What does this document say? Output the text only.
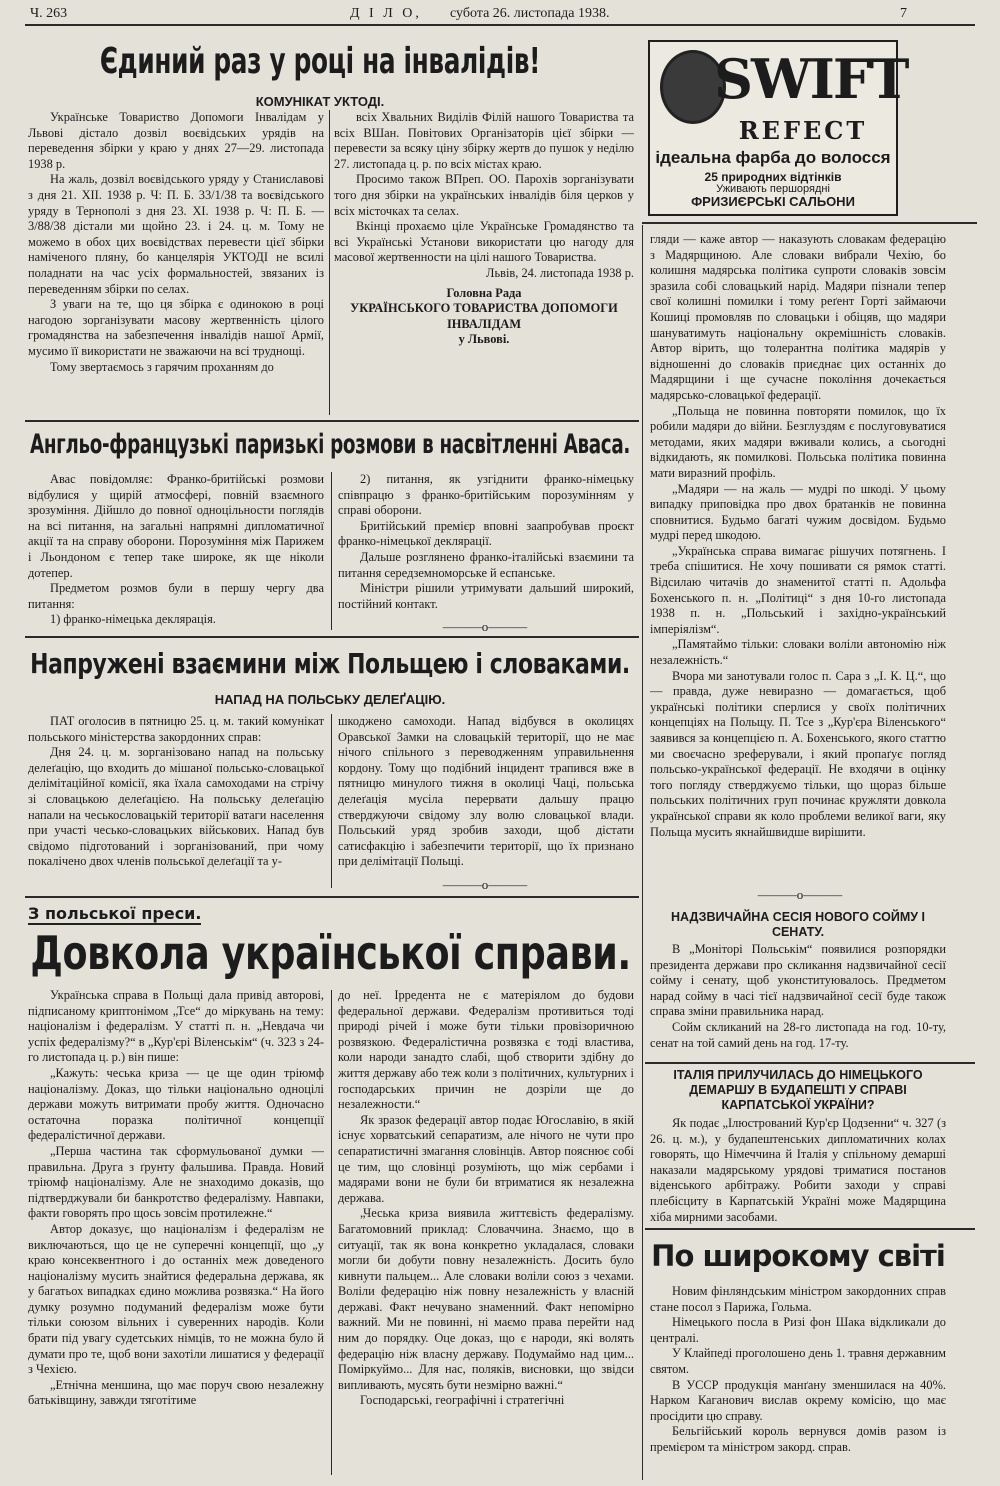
Ч. 263	Д І Л О, субота 26. листопада 1938.	7
SWIFT
REFECT
ідеальна фарба до волосся
25 природних відтінків
Уживають першорядні
ФРИЗИЄРСЬКІ САЛЬОНИ
Єдиний раз у році на інвалідів!
КОМУНІКАТ УКТОДІ.

Українське Товариство Допомоги Інвалідам у Львові дістало дозвіл воєвідських урядів на переведення збірки у краю у днях 27—29. листопада 1938 р.

На жаль, дозвіл воєвідського уряду у Станиславові з дня 21. XII. 1938 р. Ч: П. Б. 33/1/38 та воєвідського уряду в Тернополі з дня 23. XI. 1938 р. Ч: П. Б. — 3/88/38 дістали ми щойно 23. і 24. ц. м. Тому не можемо в обох цих воєвідствах перевести цієї збірки наміченого пляну, бо канцелярія УКТОДІ не всилі поладнати на час усіх формальностей, звязаних із переведенням збірки по селах.

З уваги на те, що ця збірка є одинокою в році нагодою зорганізувати масову жертвенність цілого громадянства на забезпечення інвалідів нашої Армії, мусимо її використати не зважаючи на всі труднощі.

Тому звертаємось з гарячим проханням до

всіх Хвальних Виділів Філій нашого Товариства та всіх ВШан. Повітових Організаторів цієї збірки — перевести за всяку ціну збірку жертв до пушок у неділю 27. листопада ц. р. по всіх містах краю.

Просимо також ВПреп. ОО. Парохів зорганізувати того дня збірки на українських інвалідів біля церков у всіх місточках та селах.

Вкінці прохаємо ціле Українське Громадянство та всі Українські Установи використати цю нагоду для масової жертвенности на цілі нашого Товариства.

Львів, 24. листопада 1938 р.

Головна Рада

УКРАЇНСЬКОГО ТОВАРИСТВА ДОПОМОГИ ІНВАЛІДАМ

у Львові.

Англьо-французькі паризькі розмови в насвітленні Аваса.

Авас повідомляє: Франко-бритійські розмови відбулися у щирій атмосфері, повній взаємного зрозуміння. Дійшло до повної одноцільности поглядів на всі питання, на загальні напрямні дипломатичної акції та на справу оборони. Порозуміння між Парижем і Льондоном є тепер таке широке, як ще ніколи дотепер.

Предметом розмов були в першу чергу два питання:

1) франко-німецька деклярація.

2) питання, як узгіднити франко-німецьку співпрацю з франко-бритійським порозумінням у справі оборони.

Бритійський премієр вповні заапробував проєкт франко-німецької деклярації.

Дальше розглянено франко-італійські взаємини та питання середземноморське й еспанське.

Міністри рішили утримувати дальший широкий, постійний контакт.

———о———
Напружені взаємини між Польщею і словаками.
НАПАД НА ПОЛЬСЬКУ ДЕЛЕҐАЦІЮ.

ПАТ оголосив в пятницю 25. ц. м. такий комунікат польського міністерства закордонних справ:

Дня 24. ц. м. зорганізовано напад на польську делеґацію, що входить до мішаної польсько-словацької делімітаційної комісії, яка їхала самоходами на стрічу зі словацькою делеґацією. На польську делеґацію напали на чеськословацькій території ватаги населення при участі чесько-словацьких військових. Напад був свідомо підготований і зорганізований, при чому покалічено двох членів польської делеґації та у-

шкоджено самоходи. Напад відбувся в околицях Оравської Замки на словацькій території, що не має нічого спільного з переводженням управильнення кордону. Тому що подібний інцидент трапився вже в пятницю минулого тижня в околиці Чаці, польська делеґація мусіла перервати дальшу працю стверджуючи свідому злу волю словацької влади. Польський уряд зробив заходи, щоб дістати сатисфакцію і забезпечити території, що їх признано при делімітації Польщі.

———о———
З польської преси.
Довкола української справи.

Українська справа в Польщі дала привід авторові, підписаному криптонімом „Тсе“ до міркувань на тему: націоналізм і федералізм. У статті п. н. „Невдача чи успіх федералізму?“ в „Кур'єрі Віленськім“ (ч. 323 з 24-го листопада ц. р.) він пише:

„Кажуть: чеська криза — це ще один тріюмф націоналізму. Доказ, що тільки національно одноцілі держави можуть витримати пробу життя. Одночасно остаточна поразка політичної концепції федералістичної держави.

„Перша частина так сформульованої думки — правильна. Друга з ґрунту фальшива. Правда. Новий тріюмф націоналізму. Але не знаходимо доказів, що підтверджували би банкротство федералізму. Навпаки, факти говорять про щось зовсім протилежне.“

Автор доказує, що націоналізм і федералізм не виключаються, що це не суперечні концепції, що „у краю консеквентного і до останніх меж доведеного націоналізму мусить знайтися федеральна держава, як у багатьох випадках єдино можлива розвязка.“ На його думку розумно подуманий федералізм може бути тільки союзом вільних і суверенних народів. Коли брати під увагу судетських німців, то не можна було й думати про те, щоб вони захотіли лишатися у федерації з Чехією.

„Етнічна меншина, що має поруч свою незалежну батьківщину, завжди тяготітиме

до неї. Ірредента не є матеріялом до будови федеральної держави. Федералізм противиться тоді природі річей і може бути тільки провізоричною розвязкою. Федералістична розвязка є тоді властива, коли народи занадто слабі, щоб створити здібну до життя державу або теж коли з політичних, культурних і господарських причин не дозріли ще до незалежности.“

Як зразок федерації автор подає Югославію, в якій існує хорватський сепаратизм, але нічого не чути про сепаратистичні змагання словінців. Автор пояснює собі це тим, що словінці розуміють, що між сербами і мадярами вони не були би втриматися як незалежна держава.

„Чеська криза виявила життєвість федералізму. Багатомовний приклад: Словаччина. Знаємо, що в ситуації, так як вона конкретно укладалася, словаки могли би добути повну незалежність. Досить було кивнути пальцем... Але словаки воліли союз з чехами. Воліли федерацію ніж повну незалежність у власній державі. Факт нечувано знаменний. Факт непомірно важний. Ми не повинні, ні маємо права перейти над ним до порядку. Оце доказ, що є народи, які волять федерацію ніж власну державу. Подумаймо над цим... Поміркуймо... Для нас, поляків, висновки, що звідси випливають, мусять бути незмірно важні.“

Господарські, географічні і стратегічні

гляди — каже автор — наказують словакам федерацію з Мадярщиною. Але словаки вибрали Чехію, бо колишня мадярська політика супроти словаків зовсім зразила собі словацький нарід. Мадяри пізнали тепер свої колишні помилки і тому реґент Горті займаючи Кошиці промовляв по словацьки і обіцяв, що мадяри шануватимуть національну окремішність словаків. Автор вірить, що толерантна політика мадярів у відношенні до словаків приєднає цих останніх до Мадярщини і ще сучасне покоління дочекається мадярсько-словацької федерації.

„Польща не повинна повторяти помилок, що їх робили мадяри до війни. Безглуздям є послуговуватися методами, яких мадяри вживали колись, а сьогодні відкидають, як помилкові. Польська політика повинна мати виразний профіль.

„Мадяри — на жаль — мудрі по шкоді. У цьому випадку приповідка про двох братанків не повинна сповнитися. Будьмо багаті чужим досвідом. Будьмо мудрі перед шкодою.

„Українська справа вимагає рішучих потягнень. І треба спішитися. Не хочу пошивати ся рямок статті. Відсилаю читачів до знаменитої статті п. Адольфа Бохенського п. н. „Політиці“ з дня 10-го листопада 1938 п. н. „Польський і західно-український імперіялізм“.

„Памятаймо тільки: словаки воліли автономію ніж незалежність.“

Вчора ми занотували голос п. Сара з „І. К. Ц.“, що — правда, дуже невиразно — домагається, щоб українські політики сперлися у своїх політичних концепціях на Польщу. П. Тсе з „Кур'єра Віленського“ заявився за концепцією п. А. Бохенського, якого статтю ми своєчасно зреферували, і який пропаґує погляд польсько-української федерації. Не входячи в оцінку того погляду стверджуємо тільки, що щораз більше польських політичних груп починає кружляти довкола української справи як коло проблеми великої ваги, яку Польща мусить якнайшвидше вирішити.

———о———
НАДЗВИЧАЙНА СЕСІЯ НОВОГО СОЙМУ І СЕНАТУ.

В „Моніторі Польськім“ появилися розпорядки президента держави про скликання надзвичайної сесії сойму і сенату, щоб уконституювалось. Предметом нарад сойму в часі тієї надзвичайної сесії буде також справа зміни правильника нарад.

Сойм скликаний на 28-го листопада на год. 10-ту, сенат на той самий день на год. 17-ту.

ІТАЛІЯ ПРИЛУЧИЛАСЬ ДО НІМЕЦЬКОГО ДЕМАРШУ В БУДАПЕШТІ У СПРАВІ КАРПАТСЬКОЇ УКРАЇНИ?

Як подає „Ілюстрований Кур'єр Цодзенни“ ч. 327 (з 26. ц. м.), у будапештенських дипломатичних колах говорять, що Німеччина й Італія у спільному демарші наказали мадярському урядові триматися постанов віденського арбітражу. Робити заходи у справі плебісциту в Карпатській Україні може Мадярщина хіба мирними засобами.

По широкому світі

Новим фінляндським міністром закордонних справ стане посол з Парижа, Гольма.

Німецького посла в Ризі фон Шака відкликали до централі.

У Клайпеді проголошено день 1. травня державним святом.

В УССР продукція манґану зменшилася на 40%. Нарком Каганович вислав окрему комісію, що має просідити цю справу.

Бельгійський король вернувся домів разом із премієром та міністром закорд. справ.
